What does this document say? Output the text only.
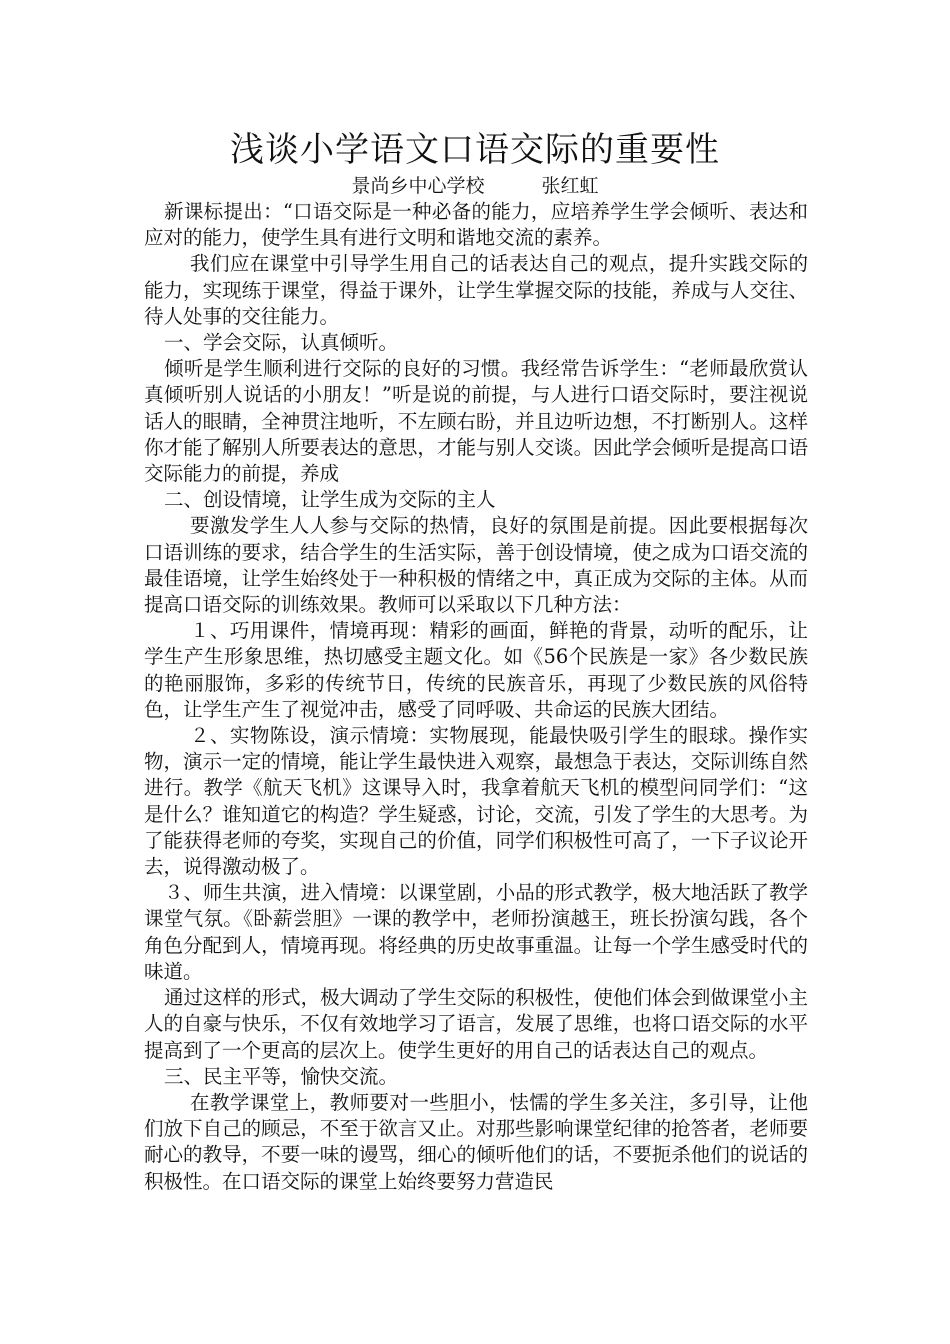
浅谈小学语文口语交际的重要性
景尚乡中心学校　　　张红虹

新课标提出：“口语交际是一种必备的能力，应培养学生学会倾听、表达和应对的能力，使学生具有进行文明和谐地交流的素养。

我们应在课堂中引导学生用自己的话表达自己的观点，提升实践交际的能力，实现练于课堂，得益于课外，让学生掌握交际的技能，养成与人交往、待人处事的交往能力。

一、学会交际，认真倾听。

倾听是学生顺利进行交际的良好的习惯。我经常告诉学生：“老师最欣赏认真倾听别人说话的小朋友！”听是说的前提，与人进行口语交际时，要注视说话人的眼睛，全神贯注地听，不左顾右盼，并且边听边想，不打断别人。这样你才能了解别人所要表达的意思，才能与别人交谈。因此学会倾听是提高口语交际能力的前提，养成

二、创设情境，让学生成为交际的主人

要激发学生人人参与交际的热情，良好的氛围是前提。因此要根据每次口语训练的要求，结合学生的生活实际，善于创设情境，使之成为口语交流的最佳语境，让学生始终处于一种积极的情绪之中，真正成为交际的主体。从而提高口语交际的训练效果。教师可以采取以下几种方法：

１、巧用课件，情境再现：精彩的画面，鲜艳的背景，动听的配乐，让学生产生形象思维，热切感受主题文化。如《56个民族是一家》各少数民族的艳丽服饰，多彩的传统节日，传统的民族音乐，再现了少数民族的风俗特色，让学生产生了视觉冲击，感受了同呼吸、共命运的民族大团结。

２、实物陈设，演示情境：实物展现，能最快吸引学生的眼球。操作实物，演示一定的情境，能让学生最快进入观察，最想急于表达，交际训练自然进行。教学《航天飞机》这课导入时，我拿着航天飞机的模型问同学们：“这是什么？谁知道它的构造？学生疑惑，讨论，交流，引发了学生的大思考。为了能获得老师的夸奖，实现自己的价值，同学们积极性可高了，一下子议论开去，说得激动极了。

３、师生共演，进入情境：以课堂剧，小品的形式教学，极大地活跃了教学课堂气氛。《卧薪尝胆》一课的教学中，老师扮演越王，班长扮演勾践，各个角色分配到人，情境再现。将经典的历史故事重温。让每一个学生感受时代的味道。

通过这样的形式，极大调动了学生交际的积极性，使他们体会到做课堂小主人的自豪与快乐，不仅有效地学习了语言，发展了思维，也将口语交际的水平提高到了一个更高的层次上。使学生更好的用自己的话表达自己的观点。

三、民主平等，愉快交流。

在教学课堂上，教师要对一些胆小，怯懦的学生多关注，多引导，让他们放下自己的顾忌，不至于欲言又止。对那些影响课堂纪律的抢答者，老师要耐心的教导，不要一味的谩骂，细心的倾听他们的话，不要扼杀他们的说话的积极性。在口语交际的课堂上始终要努力营造民
